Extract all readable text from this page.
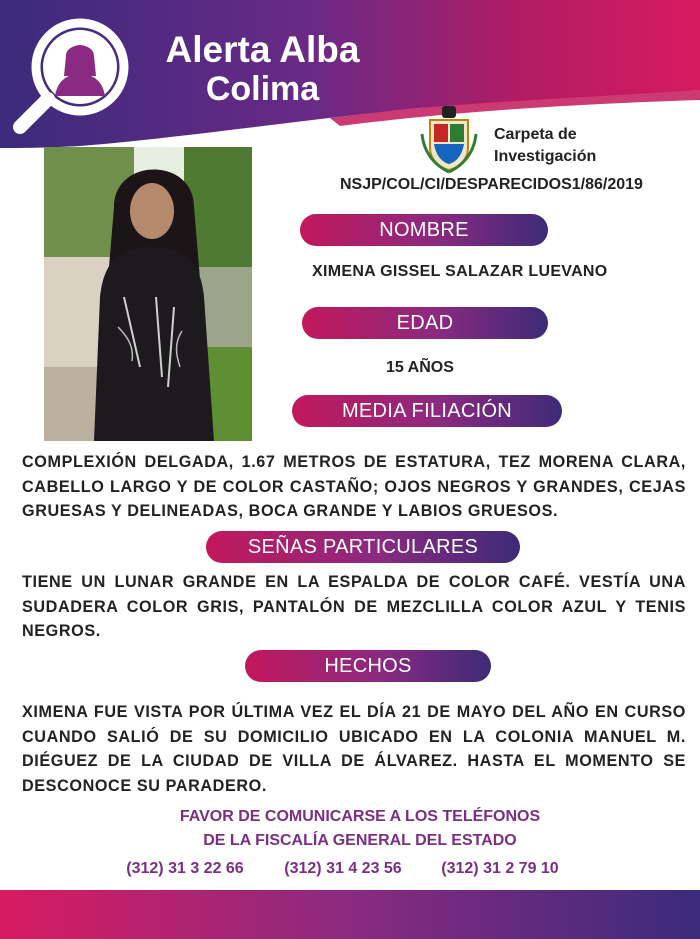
Alerta Alba
Colima
Carpeta de
Investigación
NSJP/COL/CI/DESPARECIDOS1/86/2019
NOMBRE
XIMENA GISSEL SALAZAR LUEVANO
EDAD
15 AÑOS
MEDIA FILIACIÓN
COMPLEXIÓN DELGADA, 1.67 METROS DE ESTATURA, TEZ MORENA CLARA, CABELLO LARGO Y DE COLOR CASTAÑO; OJOS NEGROS Y GRANDES, CEJAS GRUESAS Y DELINEADAS, BOCA GRANDE Y LABIOS GRUESOS.
SEÑAS PARTICULARES
TIENE UN LUNAR GRANDE EN LA ESPALDA DE COLOR CAFÉ. VESTÍA UNA SUDADERA COLOR GRIS, PANTALÓN DE MEZCLILLA COLOR AZUL Y TENIS NEGROS.
HECHOS
XIMENA FUE VISTA POR ÚLTIMA VEZ EL DÍA 21 DE MAYO DEL AÑO EN CURSO CUANDO SALIÓ DE SU DOMICILIO UBICADO EN LA COLONIA MANUEL M. DIÉGUEZ DE LA CIUDAD DE VILLA DE ÁLVAREZ. HASTA EL MOMENTO SE DESCONOCE SU PARADERO.
FAVOR DE COMUNICARSE A LOS TELÉFONOS
DE LA FISCALÍA GENERAL DEL ESTADO
(312) 31 3 22 66	(312) 31 4 23 56	(312) 31 2 79 10
